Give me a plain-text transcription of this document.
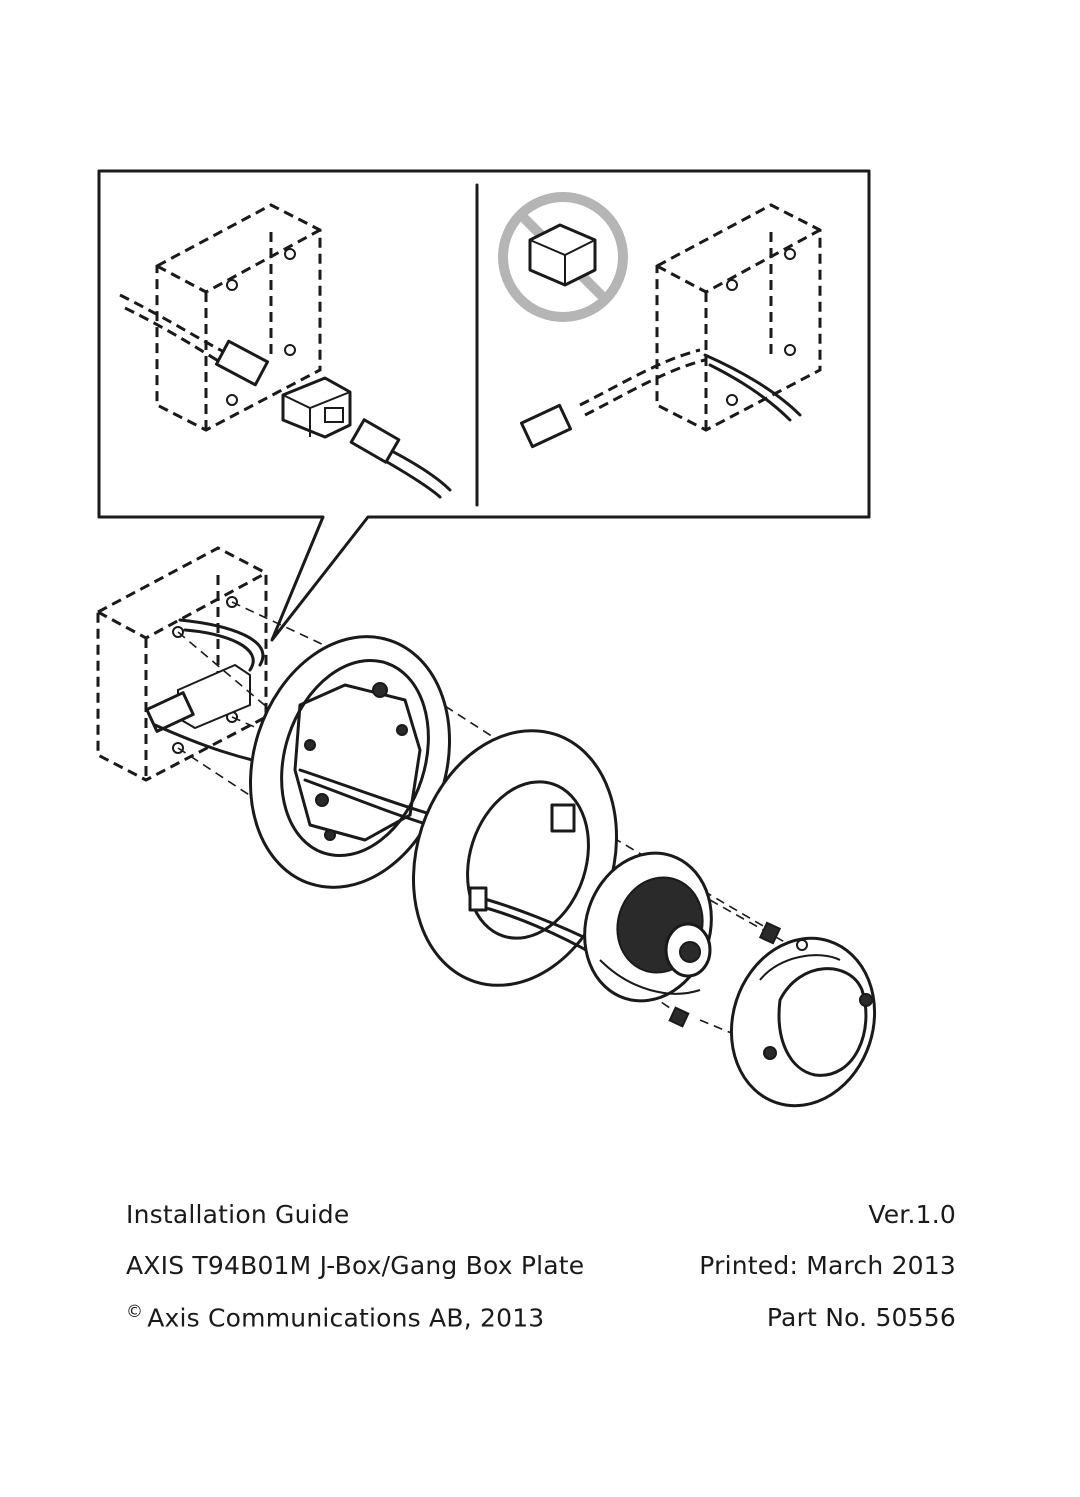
Installation Guide	Ver.1.0
AXIS T94B01M J-Box/Gang Box Plate	Printed: March 2013
© Axis Communications AB, 2013	Part No. 50556
